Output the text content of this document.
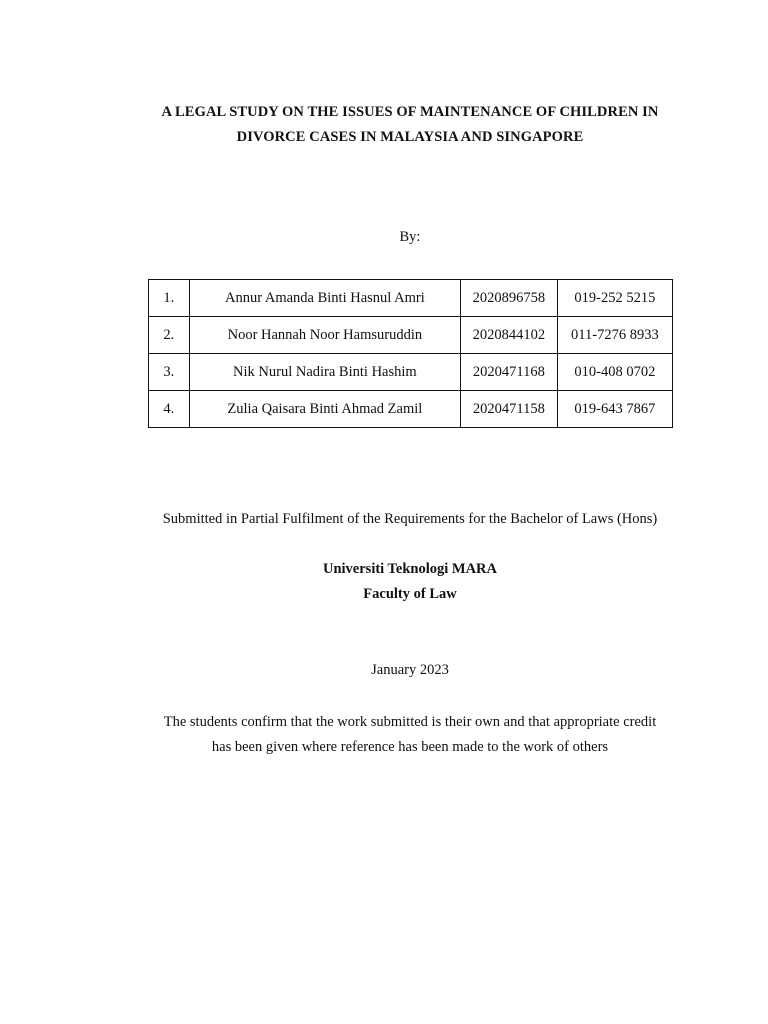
A LEGAL STUDY ON THE ISSUES OF MAINTENANCE OF CHILDREN IN
DIVORCE CASES IN MALAYSIA AND SINGAPORE
By:
1.	Annur Amanda Binti Hasnul Amri	2020896758	019-252 5215
2.	Noor Hannah Noor Hamsuruddin	2020844102	011-7276 8933
3.	Nik Nurul Nadira Binti Hashim	2020471168	010-408 0702
4.	Zulia Qaisara Binti Ahmad Zamil	2020471158	019-643 7867
Submitted in Partial Fulfilment of the Requirements for the Bachelor of Laws (Hons)
Universiti Teknologi MARA
Faculty of Law
January 2023
The students confirm that the work submitted is their own and that appropriate credit
has been given where reference has been made to the work of others
